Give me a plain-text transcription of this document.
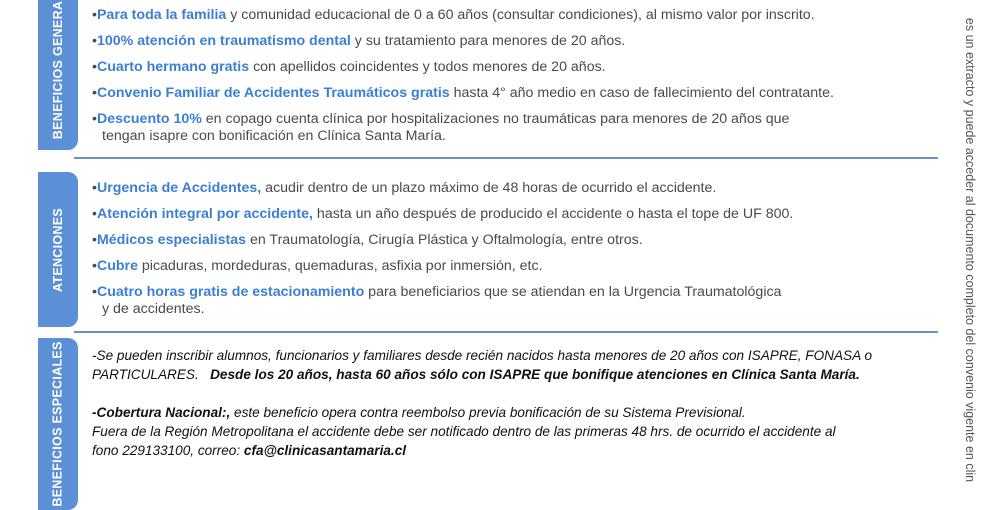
BENEFICIOS GENERA
ATENCIONES
BENEFICIOS ESPECIALES
•Para toda la familia y comunidad educacional de 0 a 60 años (consultar condiciones), al mismo valor por inscrito.
•100% atención en traumatismo dental y su tratamiento para menores de 20 años.
•Cuarto hermano gratis con apellidos coincidentes y todos menores de 20 años.
•Convenio Familiar de Accidentes Traumáticos gratis hasta 4° año medio en caso de fallecimiento del contratante.
•Descuento 10% en copago cuenta clínica por hospitalizaciones no traumáticas para menores de 20 años que
tengan isapre con bonificación en Clínica Santa María.
•Urgencia de Accidentes, acudir dentro de un plazo máximo de 48 horas de ocurrido el accidente.
•Atención integral por accidente, hasta un año después de producido el accidente o hasta el tope de UF 800.
•Médicos especialistas en Traumatología, Cirugía Plástica y Oftalmología, entre otros.
•Cubre picaduras, mordeduras, quemaduras, asfixia por inmersión, etc.
•Cuatro horas gratis de estacionamiento para beneficiarios que se atiendan en la Urgencia Traumatológica
y de accidentes.

-Se pueden inscribir alumnos, funcionarios y familiares desde recién nacidos hasta menores de 20 años con ISAPRE, FONASA o

PARTICULARES. Desde los 20 años, hasta 60 años sólo con ISAPRE que bonifique atenciones en Clínica Santa María.

-Cobertura Nacional:, este beneficio opera contra reembolso previa bonificación de su Sistema Previsional.

Fuera de la Región Metropolitana el accidente debe ser notificado dentro de las primeras 48 hrs. de ocurrido el accidente al

fono 229133100, correo: cfa@clinicasantamaria.cl	es un extracto y puede acceder al documento completo del convenio vigente en clin
